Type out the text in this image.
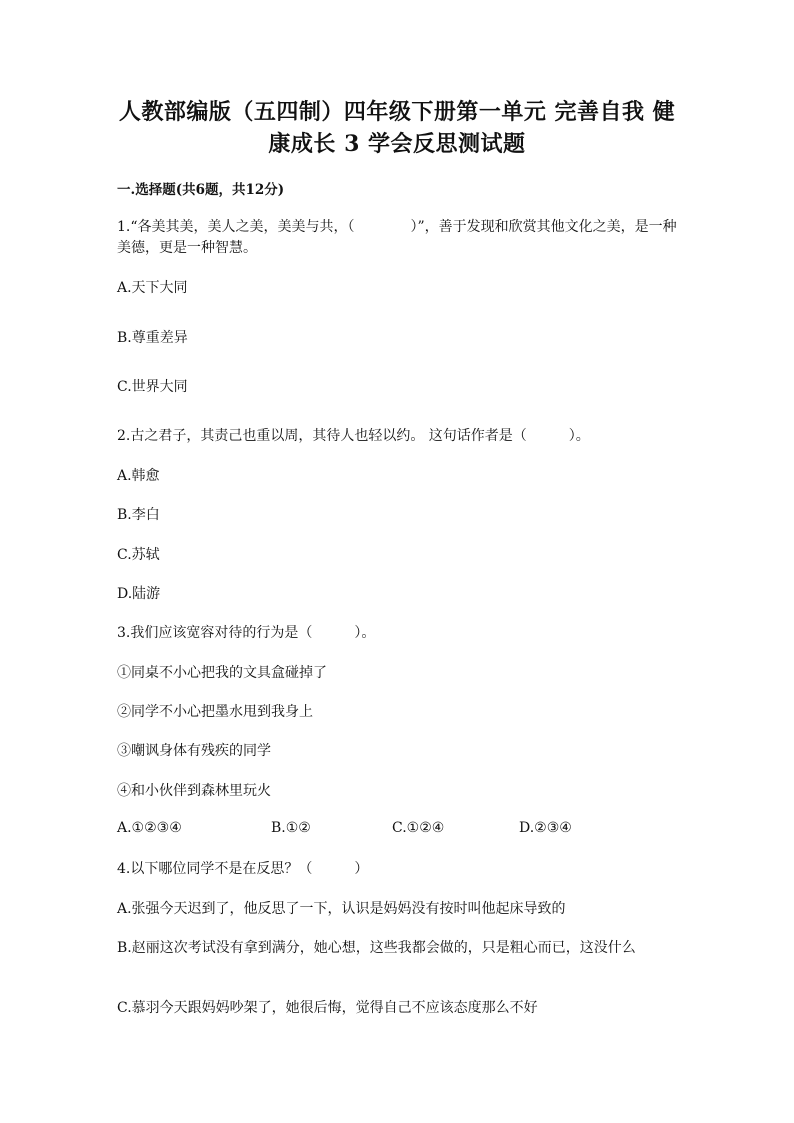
人教部编版（五四制）四年级下册第一单元 完善自我 健康成长 3 学会反思测试题
一.选择题(共6题，共12分)
1.“各美其美，美人之美，美美与共，（　　　　）”，善于发现和欣赏其他文化之美，是一种美德，更是一种智慧。
A.天下大同
B.尊重差异
C.世界大同
2.古之君子，其责己也重以周，其待人也轻以约。 这句话作者是（　　　）。
A.韩愈
B.李白
C.苏轼
D.陆游
3.我们应该宽容对待的行为是（　　　）。
①同桌不小心把我的文具盒碰掉了
②同学不小心把墨水甩到我身上
③嘲讽身体有残疾的同学
④和小伙伴到森林里玩火
A.①②③④	B.①②	C.①②④	D.②③④
4.以下哪位同学不是在反思？（　　　）
A.张强今天迟到了，他反思了一下，认识是妈妈没有按时叫他起床导致的
B.赵丽这次考试没有拿到满分，她心想，这些我都会做的，只是粗心而已，这没什么
C.慕羽今天跟妈妈吵架了，她很后悔，觉得自己不应该态度那么不好
